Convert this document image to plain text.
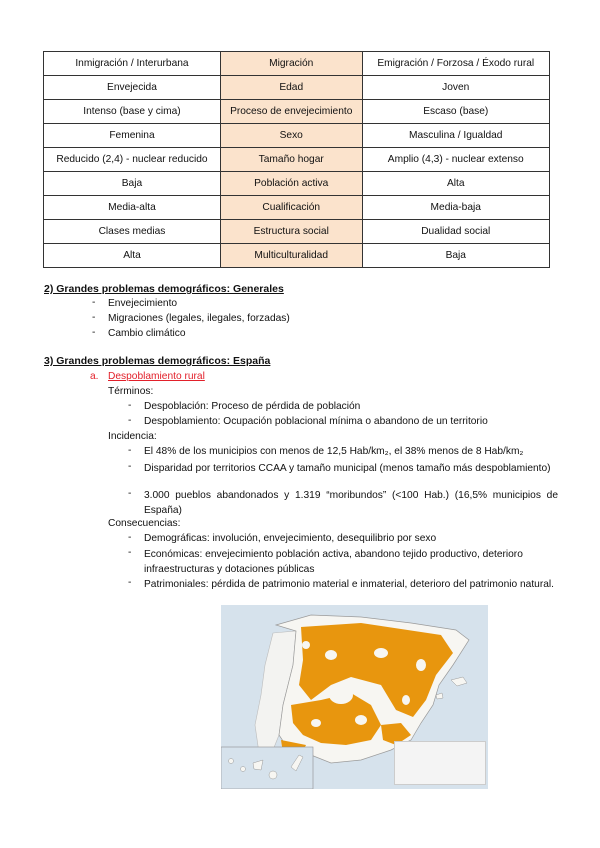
Inmigración / Interurbana	Migración	Emigración / Forzosa / Éxodo rural
Envejecida	Edad	Joven
Intenso (base y cima)	Proceso de envejecimiento	Escaso (base)
Femenina	Sexo	Masculina / Igualdad
Reducido (2,4) - nuclear reducido	Tamaño hogar	Amplio (4,3) - nuclear extenso
Baja	Población activa	Alta
Media-alta	Cualificación	Media-baja
Clases medias	Estructura social	Dualidad social
Alta	Multiculturalidad	Baja
2) Grandes problemas demográficos: Generales
- Envejecimiento
- Migraciones (legales, ilegales, forzadas)
- Cambio climático
3) Grandes problemas demográficos: España
a. Despoblamiento rural
Términos:
- Despoblación: Proceso de pérdida de población
- Despoblamiento: Ocupación poblacional mínima o abandono de un territorio
Incidencia:
- El 48% de los municipios con menos de 12,5 Hab/km₂, el 38% menos de 8 Hab/km₂
- Disparidad por territorios CCAA y tamaño municipal (menos tamaño más despoblamiento)
- 3.000 pueblos abandonados y 1.319 “moribundos” (<100 Hab.) (16,5% municipios de España)
Consecuencias:
- Demográficas: involución, envejecimiento, desequilibrio por sexo
- Económicas: envejecimiento población activa, abandono tejido productivo, deterioro infraestructuras y dotaciones públicas
- Patrimoniales: pérdida de patrimonio material e inmaterial, deterioro del patrimonio natural.
